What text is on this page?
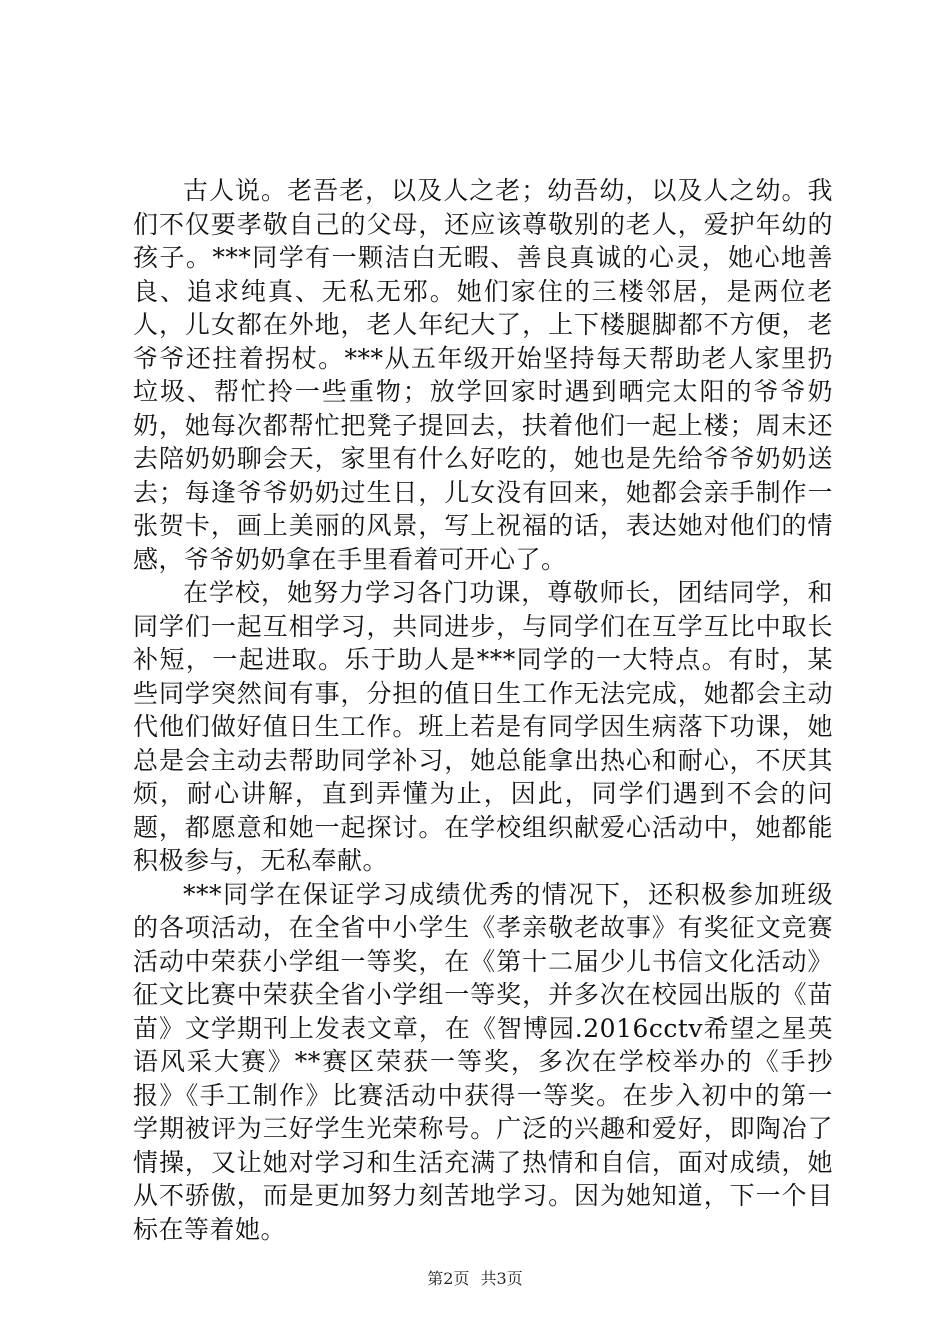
古人说。老吾老，以及人之老；幼吾幼，以及人之幼。我们不仅要孝敬自己的父母，还应该尊敬别的老人，爱护年幼的孩子。***同学有一颗洁白无暇、善良真诚的心灵，她心地善良、追求纯真、无私无邪。她们家住的三楼邻居，是两位老人，儿女都在外地，老人年纪大了，上下楼腿脚都不方便，老爷爷还拄着拐杖。***从五年级开始坚持每天帮助老人家里扔垃圾、帮忙拎一些重物；放学回家时遇到晒完太阳的爷爷奶奶，她每次都帮忙把凳子提回去，扶着他们一起上楼；周末还去陪奶奶聊会天，家里有什么好吃的，她也是先给爷爷奶奶送去；每逢爷爷奶奶过生日，儿女没有回来，她都会亲手制作一张贺卡，画上美丽的风景，写上祝福的话，表达她对他们的情感，爷爷奶奶拿在手里看着可开心了。

在学校，她努力学习各门功课，尊敬师长，团结同学，和同学们一起互相学习，共同进步，与同学们在互学互比中取长补短，一起进取。乐于助人是***同学的一大特点。有时，某些同学突然间有事，分担的值日生工作无法完成，她都会主动代他们做好值日生工作。班上若是有同学因生病落下功课，她总是会主动去帮助同学补习，她总能拿出热心和耐心，不厌其烦，耐心讲解，直到弄懂为止，因此，同学们遇到不会的问题，都愿意和她一起探讨。在学校组织献爱心活动中，她都能积极参与，无私奉献。

***同学在保证学习成绩优秀的情况下，还积极参加班级的各项活动，在全省中小学生《孝亲敬老故事》有奖征文竞赛活动中荣获小学组一等奖，在《第十二届少儿书信文化活动》征文比赛中荣获全省小学组一等奖，并多次在校园出版的《苗苗》文学期刊上发表文章，在《智博园.2016cctv希望之星英语风采大赛》**赛区荣获一等奖，多次在学校举办的《手抄报》《手工制作》比赛活动中获得一等奖。在步入初中的第一学期被评为三好学生光荣称号。广泛的兴趣和爱好，即陶冶了情操，又让她对学习和生活充满了热情和自信，面对成绩，她从不骄傲，而是更加努力刻苦地学习。因为她知道，下一个目标在等着她。

第2页 共3页
